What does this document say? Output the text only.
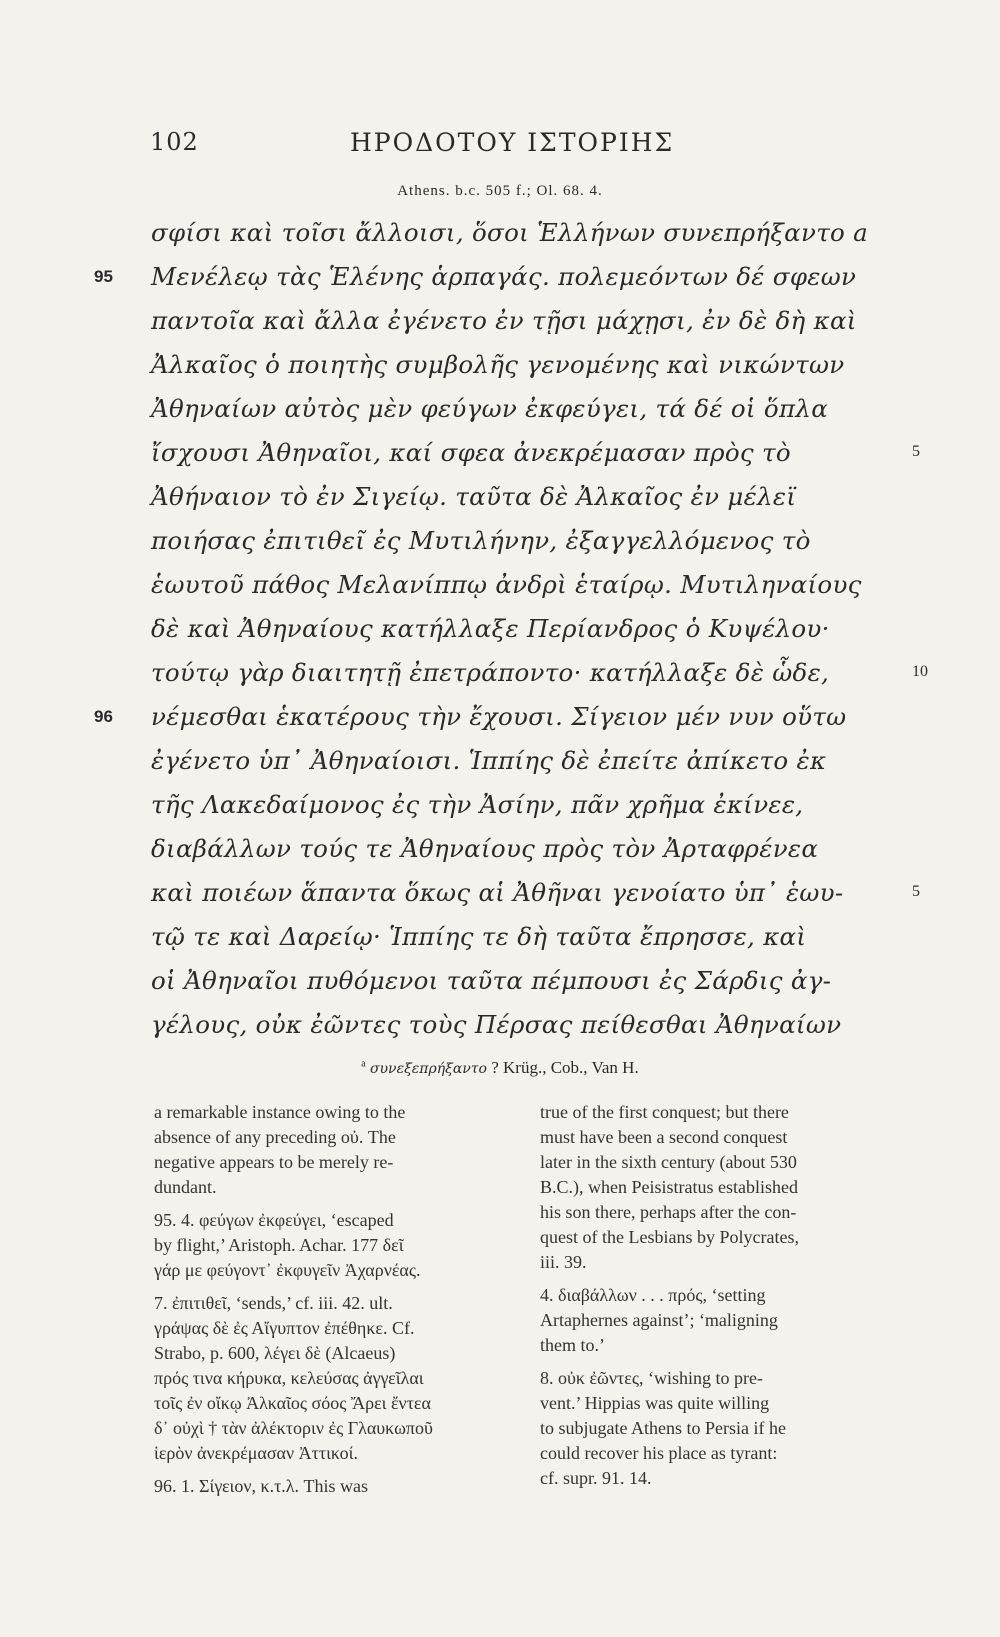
102	ΗΡΟΔΟΤΟΥ ΙΣΤΟΡΙΗΣ
Athens. b.c. 505 f.; Ol. 68. 4.
σφίσι καὶ τοῖσι ἄλλοισι, ὅσοι Ἑλλήνων συνεπρήξαντο a
Μενέλεῳ τὰς Ἑλένης ἁρπαγάς. πολεμεόντων δέ σφεων
παντοῖα καὶ ἄλλα ἐγένετο ἐν τῇσι μάχῃσι, ἐν δὲ δὴ καὶ
Ἀλκαῖος ὁ ποιητὴς συμβολῆς γενομένης καὶ νικώντων
Ἀθηναίων αὐτὸς μὲν φεύγων ἐκφεύγει, τά δέ οἱ ὅπλα
ἴσχουσι Ἀθηναῖοι, καί σφεα ἀνεκρέμασαν πρὸς τὸ
Ἀθήναιον τὸ ἐν Σιγείῳ. ταῦτα δὲ Ἀλκαῖος ἐν μέλεϊ
ποιήσας ἐπιτιθεῖ ἐς Μυτιλήνην, ἐξαγγελλόμενος τὸ
ἑωυτοῦ πάθος Μελανίππῳ ἀνδρὶ ἑταίρῳ. Μυτιληναίους
δὲ καὶ Ἀθηναίους κατήλλαξε Περίανδρος ὁ Κυψέλου·
τούτῳ γὰρ διαιτητῇ ἐπετράποντο· κατήλλαξε δὲ ὧδε,
νέμεσθαι ἑκατέρους τὴν ἔχουσι. Σίγειον μέν νυν οὕτω
ἐγένετο ὑπ᾽ Ἀθηναίοισι. Ἱππίης δὲ ἐπείτε ἀπίκετο ἐκ
τῆς Λακεδαίμονος ἐς τὴν Ἀσίην, πᾶν χρῆμα ἐκίνεε,
διαβάλλων τούς τε Ἀθηναίους πρὸς τὸν Ἀρταφρένεα
καὶ ποιέων ἅπαντα ὅκως αἱ Ἀθῆναι γενοίατο ὑπ᾽ ἑωυ-
τῷ τε καὶ Δαρείῳ· Ἱππίης τε δὴ ταῦτα ἔπρησσε, καὶ
οἱ Ἀθηναῖοι πυθόμενοι ταῦτα πέμπουσι ἐς Σάρδις ἀγ-
95
96
5
10
5
γέλους, οὐκ ἐῶντες τοὺς Πέρσας πείθεσθαι Ἀθηναίων
$^a$ συνεξεπρήξαντο ? Krüg., Cob., Van H.
a remarkable instance owing to the
absence of any preceding οὐ. The
negative appears to be merely re-
dundant.
95. 4. φεύγων ἐκφεύγει, ‘escaped
by flight,’ Aristoph. Achar. 177 δεῖ
γάρ με φεύγοντ᾽ ἐκφυγεῖν Ἀχαρνέας.
7. ἐπιτιθεῖ, ‘sends,’ cf. iii. 42. ult.
γράψας δὲ ἐς Αἴγυπτον ἐπέθηκε. Cf.
Strabo, p. 600, λέγει δὲ (Alcaeus)
πρός τινα κήρυκα, κελεύσας ἀγγεῖλαι
τοῖς ἐν οἴκῳ Ἀλκαῖος σόος Ἄρει ἔντεα
δ᾽ οὐχὶ † τὰν ἀλέκτοριν ἐς Γλαυκωποῦ
ἱερὸν ἀνεκρέμασαν Ἀττικοί.
96. 1. Σίγειον, κ.τ.λ. This was
true of the first conquest; but there
must have been a second conquest
later in the sixth century (about 530
B.C.), when Peisistratus established
his son there, perhaps after the con-
quest of the Lesbians by Polycrates,
iii. 39.
4. διαβάλλων . . . πρός, ‘setting
Artaphernes against’; ‘maligning
them to.’
8. οὐκ ἐῶντες, ‘wishing to pre-
vent.’ Hippias was quite willing
to subjugate Athens to Persia if he
could recover his place as tyrant:
cf. supr. 91. 14.
